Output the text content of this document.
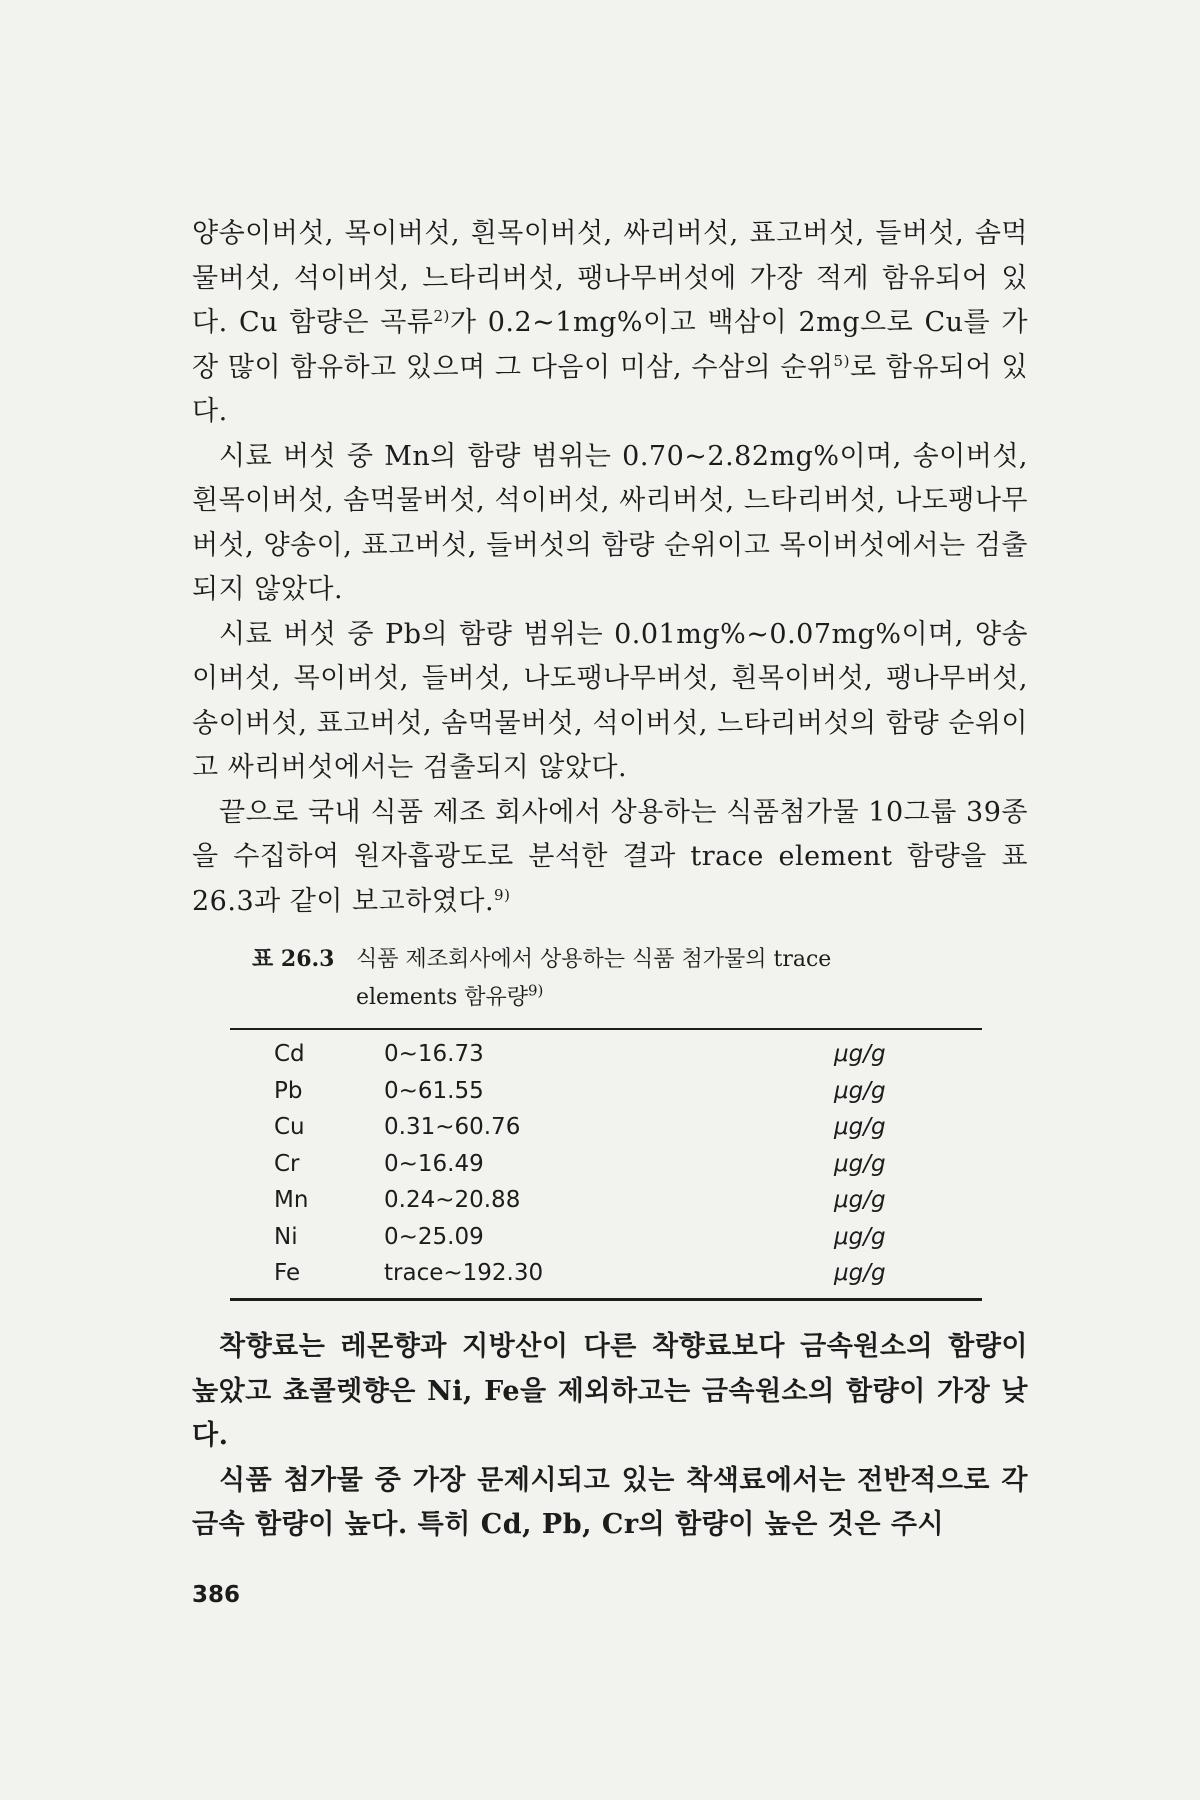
양송이버섯, 목이버섯, 흰목이버섯, 싸리버섯, 표고버섯, 들버섯, 솜먹물버섯, 석이버섯, 느타리버섯, 팽나무버섯에 가장 적게 함유되어 있다. Cu 함량은 곡류$^{2)}$가 0.2~1mg%이고 백삼이 2mg으로 Cu를 가장 많이 함유하고 있으며 그 다음이 미삼, 수삼의 순위$^{5)}$로 함유되어 있다.

시료 버섯 중 Mn의 함량 범위는 0.70~2.82mg%이며, 송이버섯, 흰목이버섯, 솜먹물버섯, 석이버섯, 싸리버섯, 느타리버섯, 나도팽나무버섯, 양송이, 표고버섯, 들버섯의 함량 순위이고 목이버섯에서는 검출되지 않았다.

시료 버섯 중 Pb의 함량 범위는 0.01mg%~0.07mg%이며, 양송이버섯, 목이버섯, 들버섯, 나도팽나무버섯, 흰목이버섯, 팽나무버섯, 송이버섯, 표고버섯, 솜먹물버섯, 석이버섯, 느타리버섯의 함량 순위이고 싸리버섯에서는 검출되지 않았다.

끝으로 국내 식품 제조 회사에서 상용하는 식품첨가물 10그룹 39종을 수집하여 원자흡광도로 분석한 결과 trace element 함량을 표 26.3과 같이 보고하였다.$^{9)}$

표 26.3 식품 제조회사에서 상용하는 식품 첨가물의 trace
elements 함유량$^{9)}$
Cd	0~16.73	μg/g
Pb	0~61.55	μg/g
Cu	0.31~60.76	μg/g
Cr	0~16.49	μg/g
Mn	0.24~20.88	μg/g
Ni	0~25.09	μg/g
Fe	trace~192.30	μg/g

착향료는 레몬향과 지방산이 다른 착향료보다 금속원소의 함량이 높았고 쵸콜렛향은 Ni, Fe을 제외하고는 금속원소의 함량이 가장 낮다.

식품 첨가물 중 가장 문제시되고 있는 착색료에서는 전반적으로 각 금속 함량이 높다. 특히 Cd, Pb, Cr의 함량이 높은 것은 주시

386
